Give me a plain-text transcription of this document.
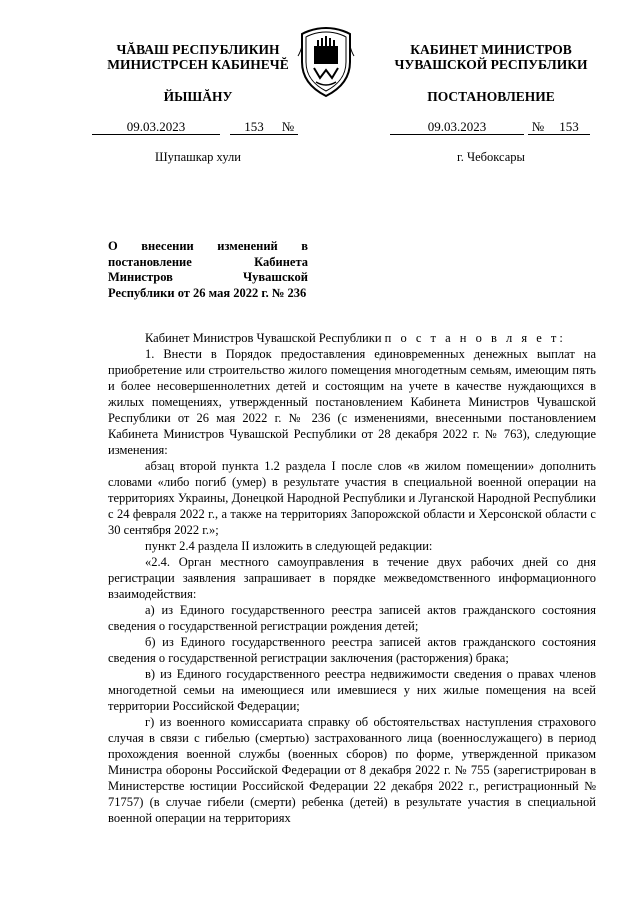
ЧĂВАШ РЕСПУБЛИКИН
МИНИСТРСЕН КАБИНЕЧĔ
ЙЫШĂНУ
КАБИНЕТ МИНИСТРОВ
ЧУВАШСКОЙ РЕСПУБЛИКИ
ПОСТАНОВЛЕНИЕ
09.03.2023	153 №	09.03.2023	№ 153
Шупашкар хули	г. Чебоксары
О внесении изменений в постановление Кабинета Министров Чувашской Республики от 26 мая 2022 г. № 236

Кабинет Министров Чувашской Республики п о с т а н о в л я е т:

1. Внести в Порядок предоставления единовременных денежных выплат на приобретение или строительство жилого помещения многодетным семьям, имеющим пять и более несовершеннолетних детей и состоящим на учете в качестве нуждающихся в жилых помещениях, утвержденный постановлением Кабинета Министров Чувашской Республики от 26 мая 2022 г. № 236 (с изменениями, внесенными постановлением Кабинета Министров Чувашской Республики от 28 декабря 2022 г. № 763), следующие изменения:

абзац второй пункта 1.2 раздела I после слов «в жилом помещении» дополнить словами «либо погиб (умер) в результате участия в специальной военной операции на территориях Украины, Донецкой Народной Республики и Луганской Народной Республики с 24 февраля 2022 г., а также на территориях Запорожской области и Херсонской области с 30 сентября 2022 г.»;

пункт 2.4 раздела II изложить в следующей редакции:

«2.4. Орган местного самоуправления в течение двух рабочих дней со дня регистрации заявления запрашивает в порядке межведомственного информационного взаимодействия:

а) из Единого государственного реестра записей актов гражданского состояния сведения о государственной регистрации рождения детей;

б) из Единого государственного реестра записей актов гражданского состояния сведения о государственной регистрации заключения (расторжения) брака;

в) из Единого государственного реестра недвижимости сведения о правах членов многодетной семьи на имеющиеся или имевшиеся у них жилые помещения на всей территории Российской Федерации;

г) из военного комиссариата справку об обстоятельствах наступления страхового случая в связи с гибелью (смертью) застрахованного лица (военнослужащего) в период прохождения военной службы (военных сборов) по форме, утвержденной приказом Министра обороны Российской Федерации от 8 декабря 2022 г. № 755 (зарегистрирован в Министерстве юстиции Российской Федерации 22 декабря 2022 г., регистрационный № 71757) (в случае гибели (смерти) ребенка (детей) в результате участия в специальной военной операции на территориях
